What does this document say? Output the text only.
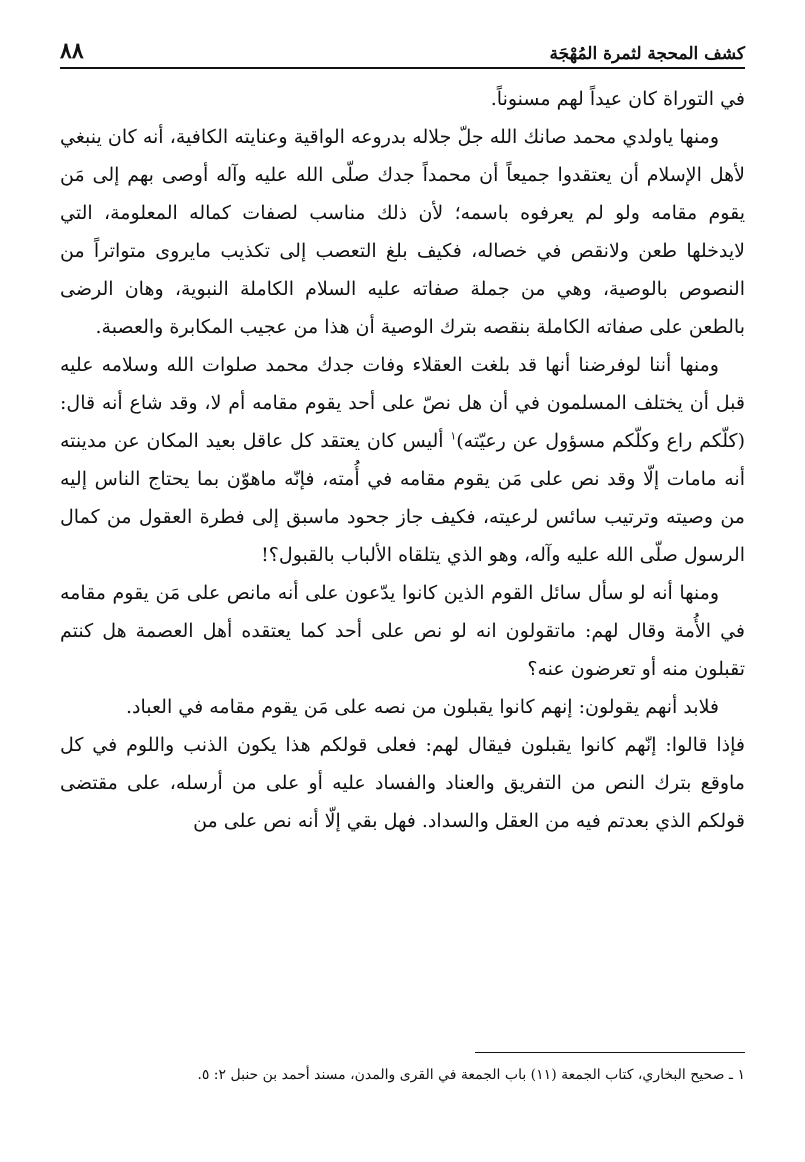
كشف المحجة لثمرة المُهْجَة
٨٨

في التوراة كان عيداً لهم مسنوناً.

ومنها ياولدي محمد صانك الله جلّ جلاله بدروعه الواقية وعنايته الكافية، أنه كان ينبغي لأهل الإسلام أن يعتقدوا جميعاً أن محمداً جدك صلّى الله عليه وآله أوصى بهم إلى مَن يقوم مقامه ولو لم يعرفوه باسمه؛ لأن ذلك مناسب لصفات كماله المعلومة، التي لايدخلها طعن ولانقص في خصاله، فكيف بلغ التعصب إلى تكذيب مايروى متواتراً من النصوص بالوصية، وهي من جملة صفاته عليه السلام الكاملة النبوية، وهان الرضى بالطعن على صفاته الكاملة بنقصه بترك الوصية أن هذا من عجيب المكابرة والعصبة.

ومنها أننا لوفرضنا أنها قد بلغت العقلاء وفات جدك محمد صلوات الله وسلامه عليه قبل أن يختلف المسلمون في أن هل نصّ على أحد يقوم مقامه أم لا، وقد شاع أنه قال: (كلّكم راع وكلّكم مسؤول عن رعيّته)$^١$ أليس كان يعتقد كل عاقل بعيد المكان عن مدينته أنه مامات إلّا وقد نص على مَن يقوم مقامه في أُمته، فإنّه ماهوّن بما يحتاج الناس إليه من وصيته وترتيب سائس لرعيته، فكيف جاز جحود ماسبق إلى فطرة العقول من كمال الرسول صلّى الله عليه وآله، وهو الذي يتلقاه الألباب بالقبول؟!

ومنها أنه لو سأل سائل القوم الذين كانوا يدّعون على أنه مانص على مَن يقوم مقامه في الأُمة وقال لهم: ماتقولون انه لو نص على أحد كما يعتقده أهل العصمة هل كنتم تقبلون منه أو تعرضون عنه؟

فلابد أنهم يقولون: إنهم كانوا يقبلون من نصه على مَن يقوم مقامه في العباد.

فإذا قالوا: إنّهم كانوا يقبلون فيقال لهم: فعلى قولكم هذا يكون الذنب واللوم في كل ماوقع بترك النص من التفريق والعناد والفساد عليه أو على من أرسله، على مقتضى قولكم الذي بعدتم فيه من العقل والسداد. فهل بقي إلّا أنه نص على من

١ ـ صحيح البخاري، كتاب الجمعة (١١) باب الجمعة في القرى والمدن، مسند أحمد بن حنبل ٢: ٥.
